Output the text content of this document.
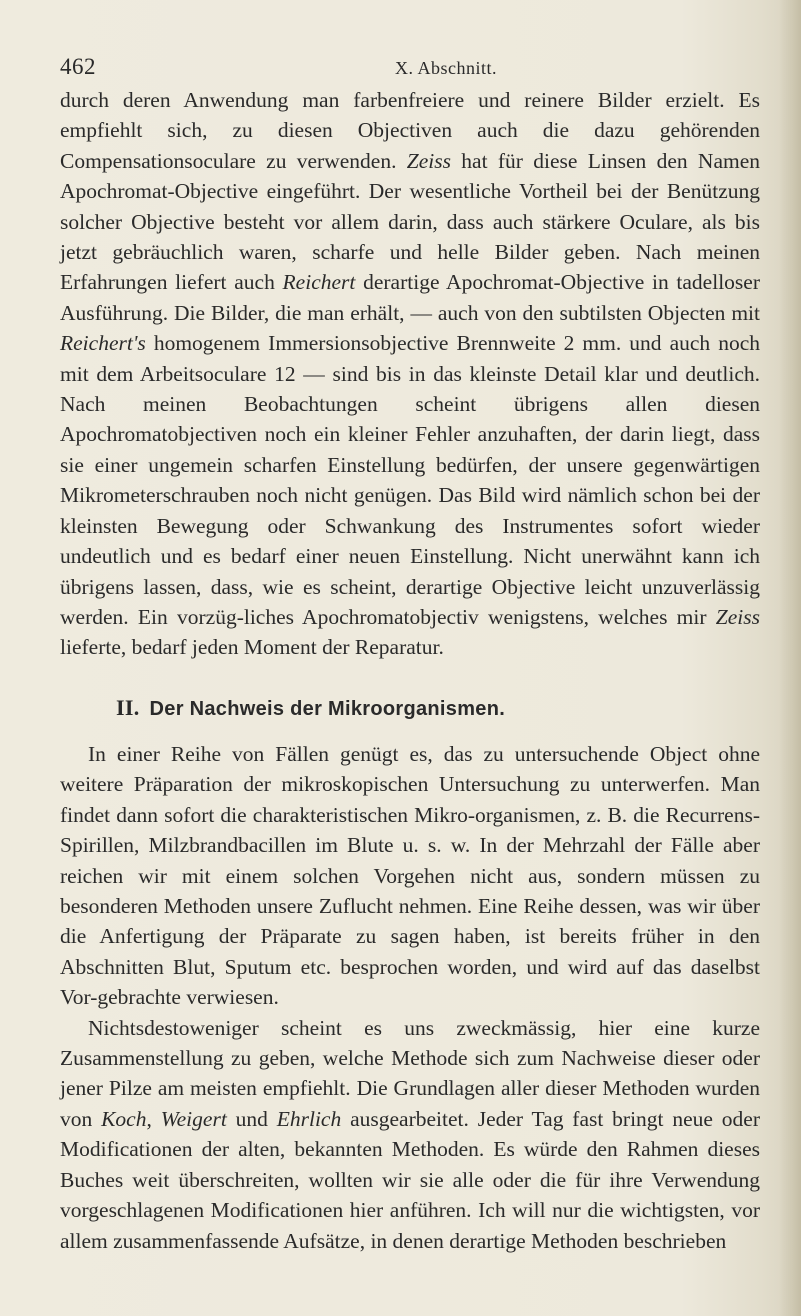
462	X. Abschnitt.

durch deren Anwendung man farbenfreiere und reinere Bilder erzielt. Es empfiehlt sich, zu diesen Objectiven auch die dazu gehörenden Compensationsoculare zu verwenden. Zeiss hat für diese Linsen den Namen Apochromat-Objective eingeführt. Der wesentliche Vortheil bei der Benützung solcher Objective besteht vor allem darin, dass auch stärkere Oculare, als bis jetzt gebräuchlich waren, scharfe und helle Bilder geben. Nach meinen Erfahrungen liefert auch Reichert derartige Apochromat-Objective in tadelloser Ausführung. Die Bilder, die man erhält, — auch von den subtilsten Objecten mit Reichert's homogenem Immersionsobjective Brennweite 2 mm. und auch noch mit dem Arbeitsoculare 12 — sind bis in das kleinste Detail klar und deutlich. Nach meinen Beobachtungen scheint übrigens allen diesen Apochromatobjectiven noch ein kleiner Fehler anzuhaften, der darin liegt, dass sie einer ungemein scharfen Einstellung bedürfen, der unsere gegenwärtigen Mikrometerschrauben noch nicht genügen. Das Bild wird nämlich schon bei der kleinsten Bewegung oder Schwankung des Instrumentes sofort wieder undeutlich und es bedarf einer neuen Einstellung. Nicht unerwähnt kann ich übrigens lassen, dass, wie es scheint, derartige Objective leicht unzuverlässig werden. Ein vorzüg-liches Apochromatobjectiv wenigstens, welches mir Zeiss lieferte, bedarf jeden Moment der Reparatur.

II. Der Nachweis der Mikroorganismen.

In einer Reihe von Fällen genügt es, das zu untersuchende Object ohne weitere Präparation der mikroskopischen Untersuchung zu unterwerfen. Man findet dann sofort die charakteristischen Mikro-organismen, z. B. die Recurrens-Spirillen, Milzbrandbacillen im Blute u. s. w. In der Mehrzahl der Fälle aber reichen wir mit einem solchen Vorgehen nicht aus, sondern müssen zu besonderen Methoden unsere Zuflucht nehmen. Eine Reihe dessen, was wir über die Anfertigung der Präparate zu sagen haben, ist bereits früher in den Abschnitten Blut, Sputum etc. besprochen worden, und wird auf das daselbst Vor-gebrachte verwiesen.

Nichtsdestoweniger scheint es uns zweckmässig, hier eine kurze Zusammenstellung zu geben, welche Methode sich zum Nachweise dieser oder jener Pilze am meisten empfiehlt. Die Grundlagen aller dieser Methoden wurden von Koch, Weigert und Ehrlich ausgearbeitet. Jeder Tag fast bringt neue oder Modificationen der alten, bekannten Methoden. Es würde den Rahmen dieses Buches weit überschreiten, wollten wir sie alle oder die für ihre Verwendung vorgeschlagenen Modificationen hier anführen. Ich will nur die wichtigsten, vor allem zusammenfassende Aufsätze, in denen derartige Methoden beschrieben
